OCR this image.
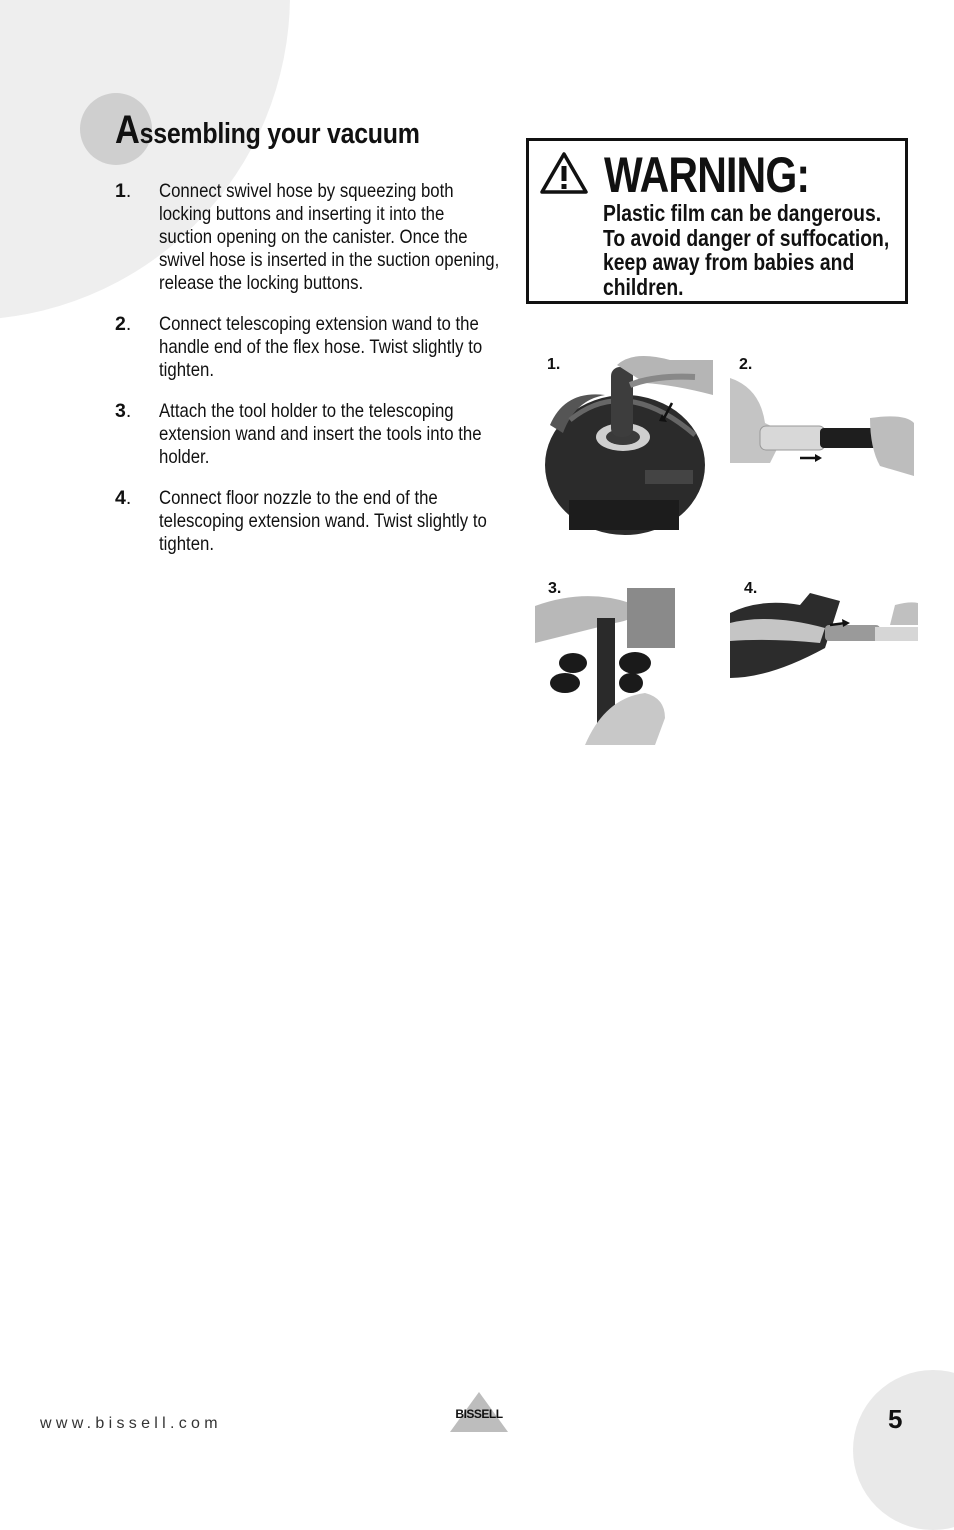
Assembling your vacuum
1.	Connect swivel hose by squeezing both
locking buttons and inserting it into the
suction opening on the canister. Once the
swivel hose is inserted in the suction opening,
release the locking buttons.
2.	Connect telescoping extension wand to the
handle end of the flex hose. Twist slightly to
tighten.
3.	Attach the tool holder to the telescoping
extension wand and insert the tools into the
holder.
4.	Connect floor nozzle to the end of the
telescoping extension wand. Twist slightly to
tighten.
WARNING:
Plastic film can be dangerous.
To avoid danger of suffocation,
keep away from babies and
children.
1.	2.
3.	4.
www.bissell.com
BISSELL	5
